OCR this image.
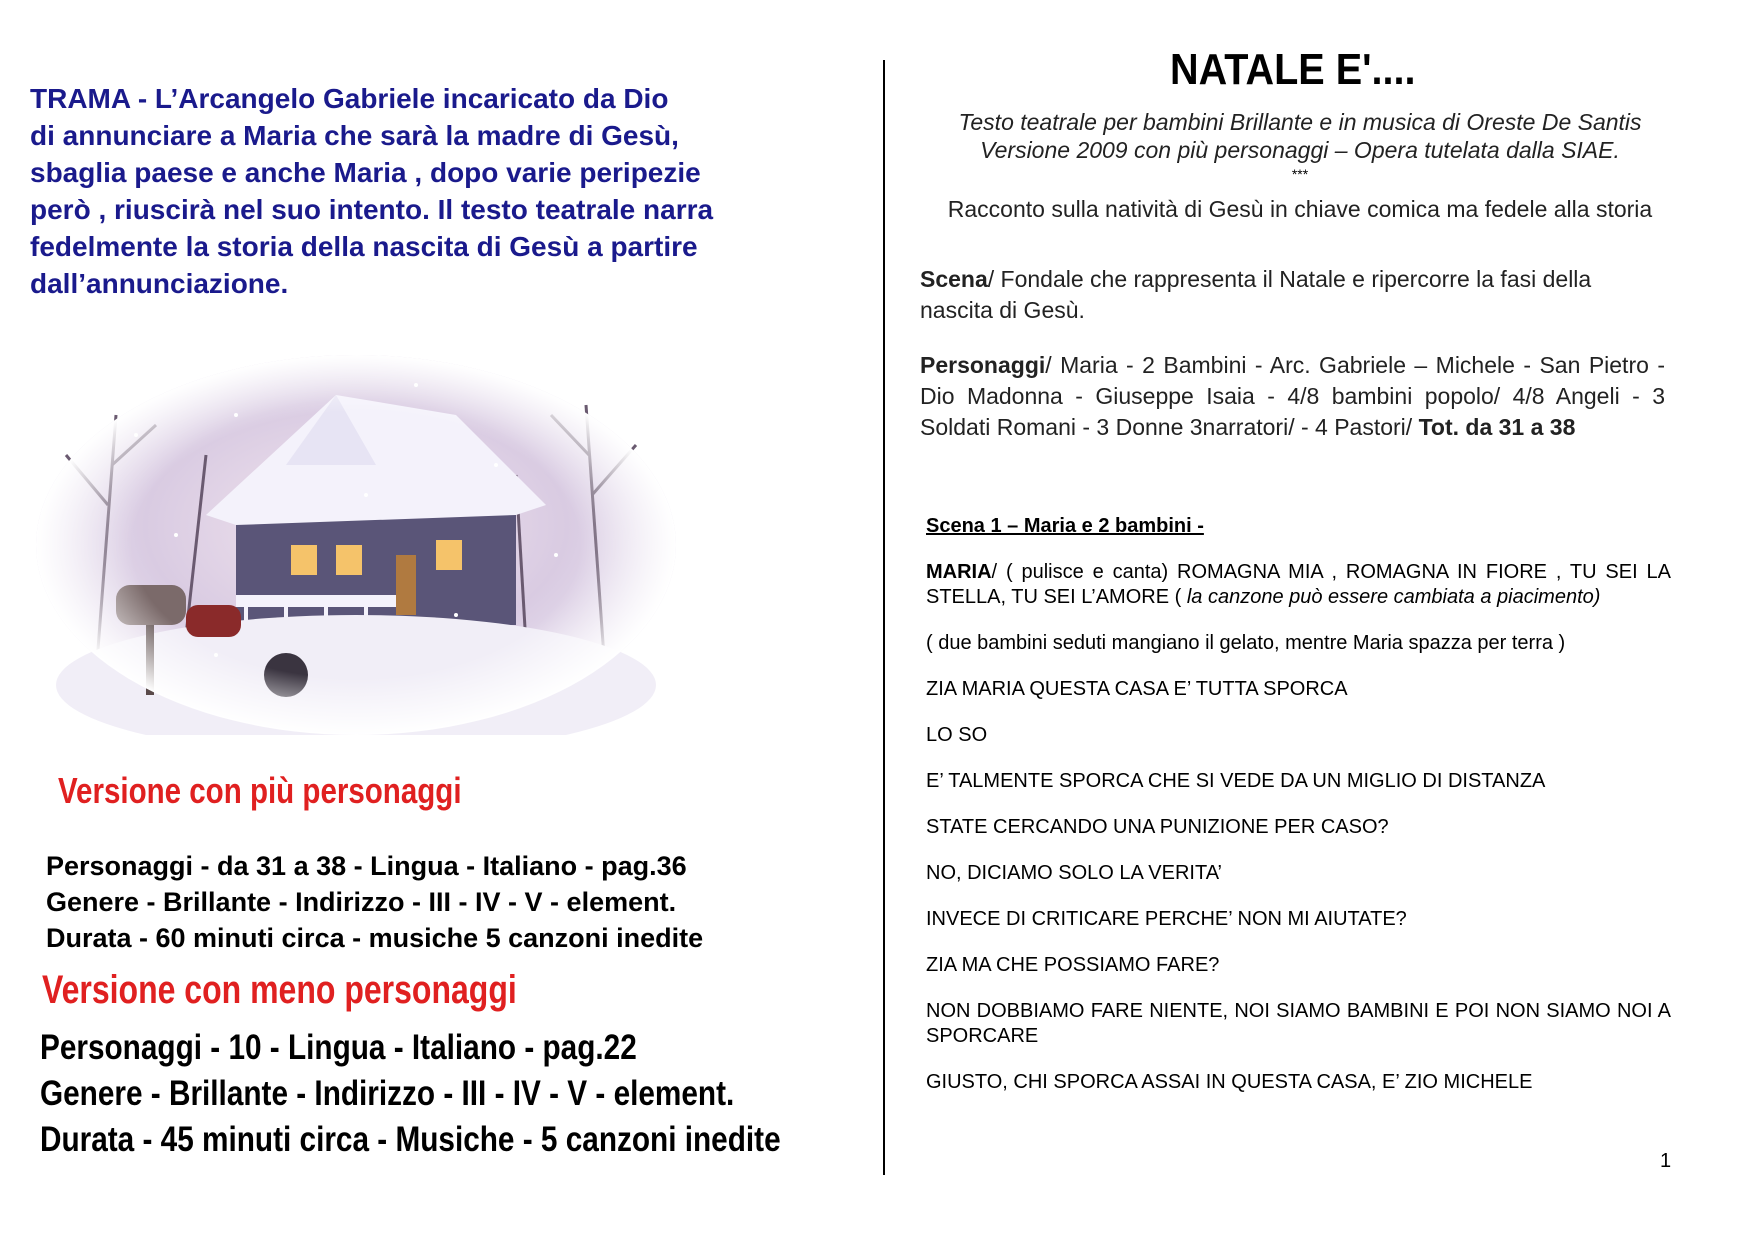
TRAMA - L’Arcangelo Gabriele incaricato da Dio
di annunciare a Maria che sarà la madre di Gesù,
sbaglia paese e anche Maria , dopo varie peripezie
però , riuscirà nel suo intento. Il testo teatrale narra
fedelmente la storia della nascita di Gesù a partire
dall’annunciazione.
Versione con più personaggi
Personaggi - da 31 a 38 - Lingua - Italiano - pag.36
Genere - Brillante - Indirizzo - III - IV - V - element.
Durata - 60 minuti circa - musiche 5 canzoni inedite
Versione con meno personaggi
Personaggi - 10 - Lingua - Italiano - pag.22
Genere - Brillante - Indirizzo - III - IV - V - element.
Durata - 45 minuti circa - Musiche - 5 canzoni inedite
NATALE E'....
Testo teatrale per bambini Brillante e in musica di Oreste De Santis
Versione 2009 con più personaggi – Opera tutelata dalla SIAE.
***
Racconto sulla natività di Gesù in chiave comica ma fedele alla storia
Scena/ Fondale che rappresenta il Natale e ripercorre la fasi della nascita di Gesù.
Personaggi/ Maria - 2 Bambini - Arc. Gabriele – Michele - San Pietro - Dio Madonna - Giuseppe Isaia - 4/8 bambini popolo/ 4/8 Angeli - 3 Soldati Romani - 3 Donne 3narratori/ - 4 Pastori/ Tot. da 31 a 38

Scena 1 – Maria e 2 bambini -

MARIA/ ( pulisce e canta) ROMAGNA MIA , ROMAGNA IN FIORE , TU SEI LA STELLA, TU SEI L’AMORE ( la canzone può essere cambiata a piacimento)

( due bambini seduti mangiano il gelato, mentre Maria spazza per terra )

ZIA MARIA QUESTA CASA E’ TUTTA SPORCA

LO SO

E’ TALMENTE SPORCA CHE SI VEDE DA UN MIGLIO DI DISTANZA

STATE CERCANDO UNA PUNIZIONE PER CASO?

NO, DICIAMO SOLO LA VERITA’

INVECE DI CRITICARE PERCHE’ NON MI AIUTATE?

ZIA MA CHE POSSIAMO FARE?

NON DOBBIAMO FARE NIENTE, NOI SIAMO BAMBINI E POI NON SIAMO NOI A SPORCARE

GIUSTO, CHI SPORCA ASSAI IN QUESTA CASA, E’ ZIO MICHELE

1
